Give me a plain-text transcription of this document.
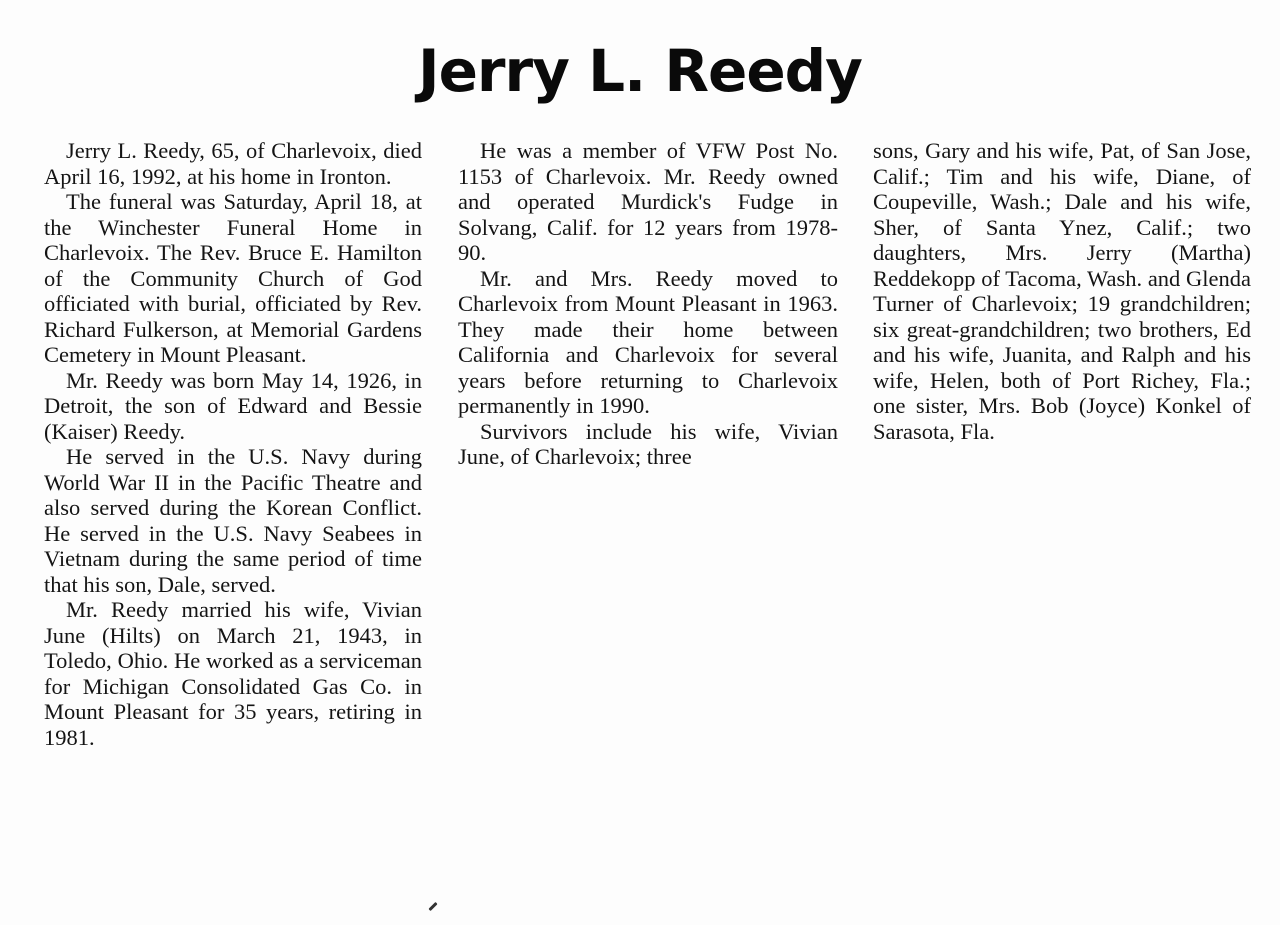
Jerry L. Reedy

Jerry L. Reedy, 65, of Charlevoix, died April 16, 1992, at his home in Ironton.

The funeral was Saturday, April 18, at the Winchester Funeral Home in Charlevoix. The Rev. Bruce E. Hamilton of the Community Church of God officiated with burial, officiated by Rev. Richard Fulkerson, at Memorial Gardens Cemetery in Mount Pleasant.

Mr. Reedy was born May 14, 1926, in Detroit, the son of Edward and Bessie (Kaiser) Reedy.

He served in the U.S. Navy during World War II in the Pacific Theatre and also served during the Korean Conflict. He served in the U.S. Navy Seabees in Vietnam during the same period of time that his son, Dale, served.

Mr. Reedy married his wife, Vivian June (Hilts) on March 21, 1943, in Toledo, Ohio. He worked as a serviceman for Michigan Consolidated Gas Co. in Mount Pleasant for 35 years, retiring in 1981.

He was a member of VFW Post No. 1153 of Charlevoix. Mr. Reedy owned and operated Murdick's Fudge in Solvang, Calif. for 12 years from 1978-90.

Mr. and Mrs. Reedy moved to Charlevoix from Mount Pleasant in 1963. They made their home between California and Charlevoix for several years before returning to Charlevoix permanently in 1990.

Survivors include his wife, Vivian June, of Charlevoix; three

sons, Gary and his wife, Pat, of San Jose, Calif.; Tim and his wife, Diane, of Coupeville, Wash.; Dale and his wife, Sher, of Santa Ynez, Calif.; two daughters, Mrs. Jerry (Martha) Reddekopp of Tacoma, Wash. and Glenda Turner of Charlevoix; 19 grandchildren; six great-grandchildren; two brothers, Ed and his wife, Juanita, and Ralph and his wife, Helen, both of Port Richey, Fla.; one sister, Mrs. Bob (Joyce) Konkel of Sarasota, Fla.
